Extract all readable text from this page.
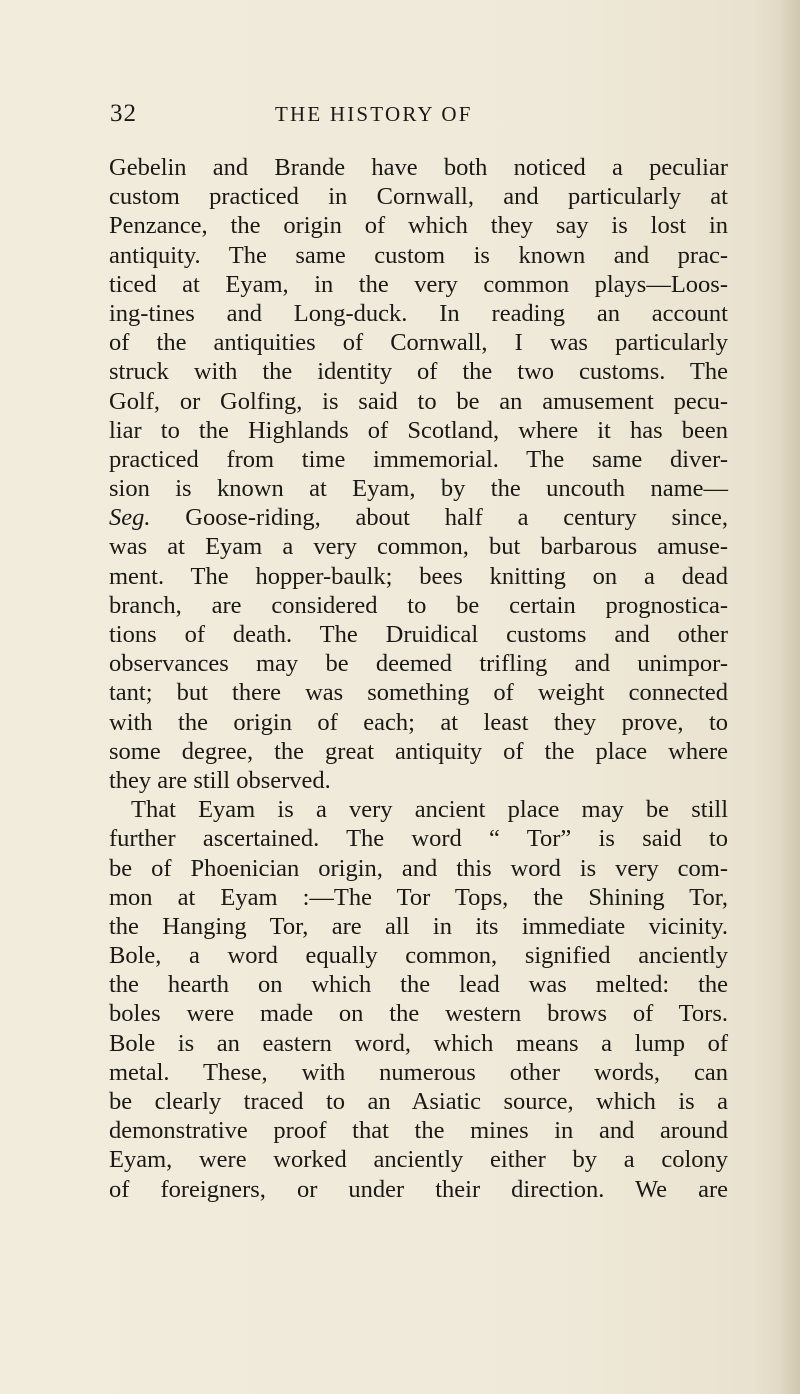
32	THE HISTORY OF
Gebelin and Brande have both noticed a peculiar
custom practiced in Cornwall, and particularly at
Penzance, the origin of which they say is lost in
antiquity. The same custom is known and prac-
ticed at Eyam, in the very common plays—Loos-
ing-tines and Long-duck. In reading an account
of the antiquities of Cornwall, I was particularly
struck with the identity of the two customs. The
Golf, or Golfing, is said to be an amusement pecu-
liar to the Highlands of Scotland, where it has been
practiced from time immemorial. The same diver-
sion is known at Eyam, by the uncouth name—
Seg. Goose-riding, about half a century since,
was at Eyam a very common, but barbarous amuse-
ment. The hopper-baulk; bees knitting on a dead
branch, are considered to be certain prognostica-
tions of death. The Druidical customs and other
observances may be deemed trifling and unimpor-
tant; but there was something of weight connected
with the origin of each; at least they prove, to
some degree, the great antiquity of the place where
they are still observed.
That Eyam is a very ancient place may be still
further ascertained. The word “ Tor” is said to
be of Phoenician origin, and this word is very com-
mon at Eyam :—The Tor Tops, the Shining Tor,
the Hanging Tor, are all in its immediate vicinity.
Bole, a word equally common, signified anciently
the hearth on which the lead was melted: the
boles were made on the western brows of Tors.
Bole is an eastern word, which means a lump of
metal. These, with numerous other words, can
be clearly traced to an Asiatic source, which is a
demonstrative proof that the mines in and around
Eyam, were worked anciently either by a colony
of foreigners, or under their direction. We are
